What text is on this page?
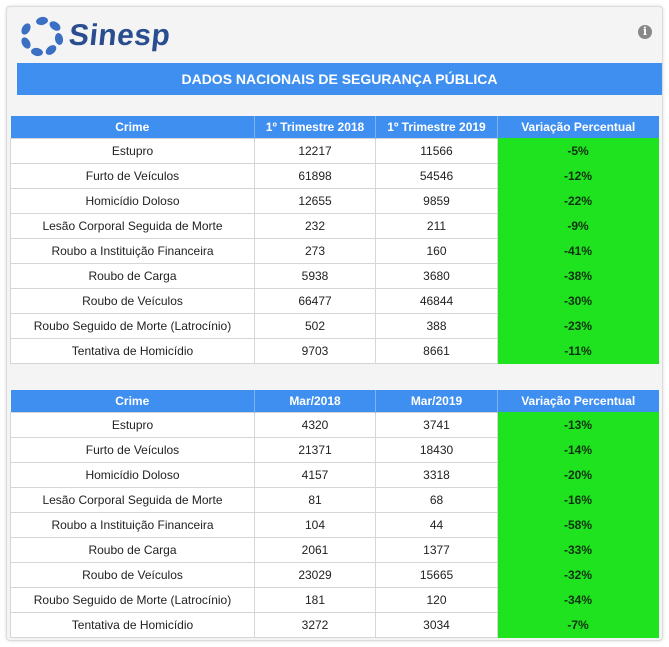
Sinesp	i
DADOS NACIONAIS DE SEGURANÇA PÚBLICA
Crime	1º Trimestre 2018	1º Trimestre 2019	Variação Percentual
Estupro	12217	11566	-5%
Furto de Veículos	61898	54546	-12%
Homicídio Doloso	12655	9859	-22%
Lesão Corporal Seguida de Morte	232	211	-9%
Roubo a Instituição Financeira	273	160	-41%
Roubo de Carga	5938	3680	-38%
Roubo de Veículos	66477	46844	-30%
Roubo Seguido de Morte (Latrocínio)	502	388	-23%
Tentativa de Homicídio	9703	8661	-11%
Crime	Mar/2018	Mar/2019	Variação Percentual
Estupro	4320	3741	-13%
Furto de Veículos	21371	18430	-14%
Homicídio Doloso	4157	3318	-20%
Lesão Corporal Seguida de Morte	81	68	-16%
Roubo a Instituição Financeira	104	44	-58%
Roubo de Carga	2061	1377	-33%
Roubo de Veículos	23029	15665	-32%
Roubo Seguido de Morte (Latrocínio)	181	120	-34%
Tentativa de Homicídio	3272	3034	-7%
